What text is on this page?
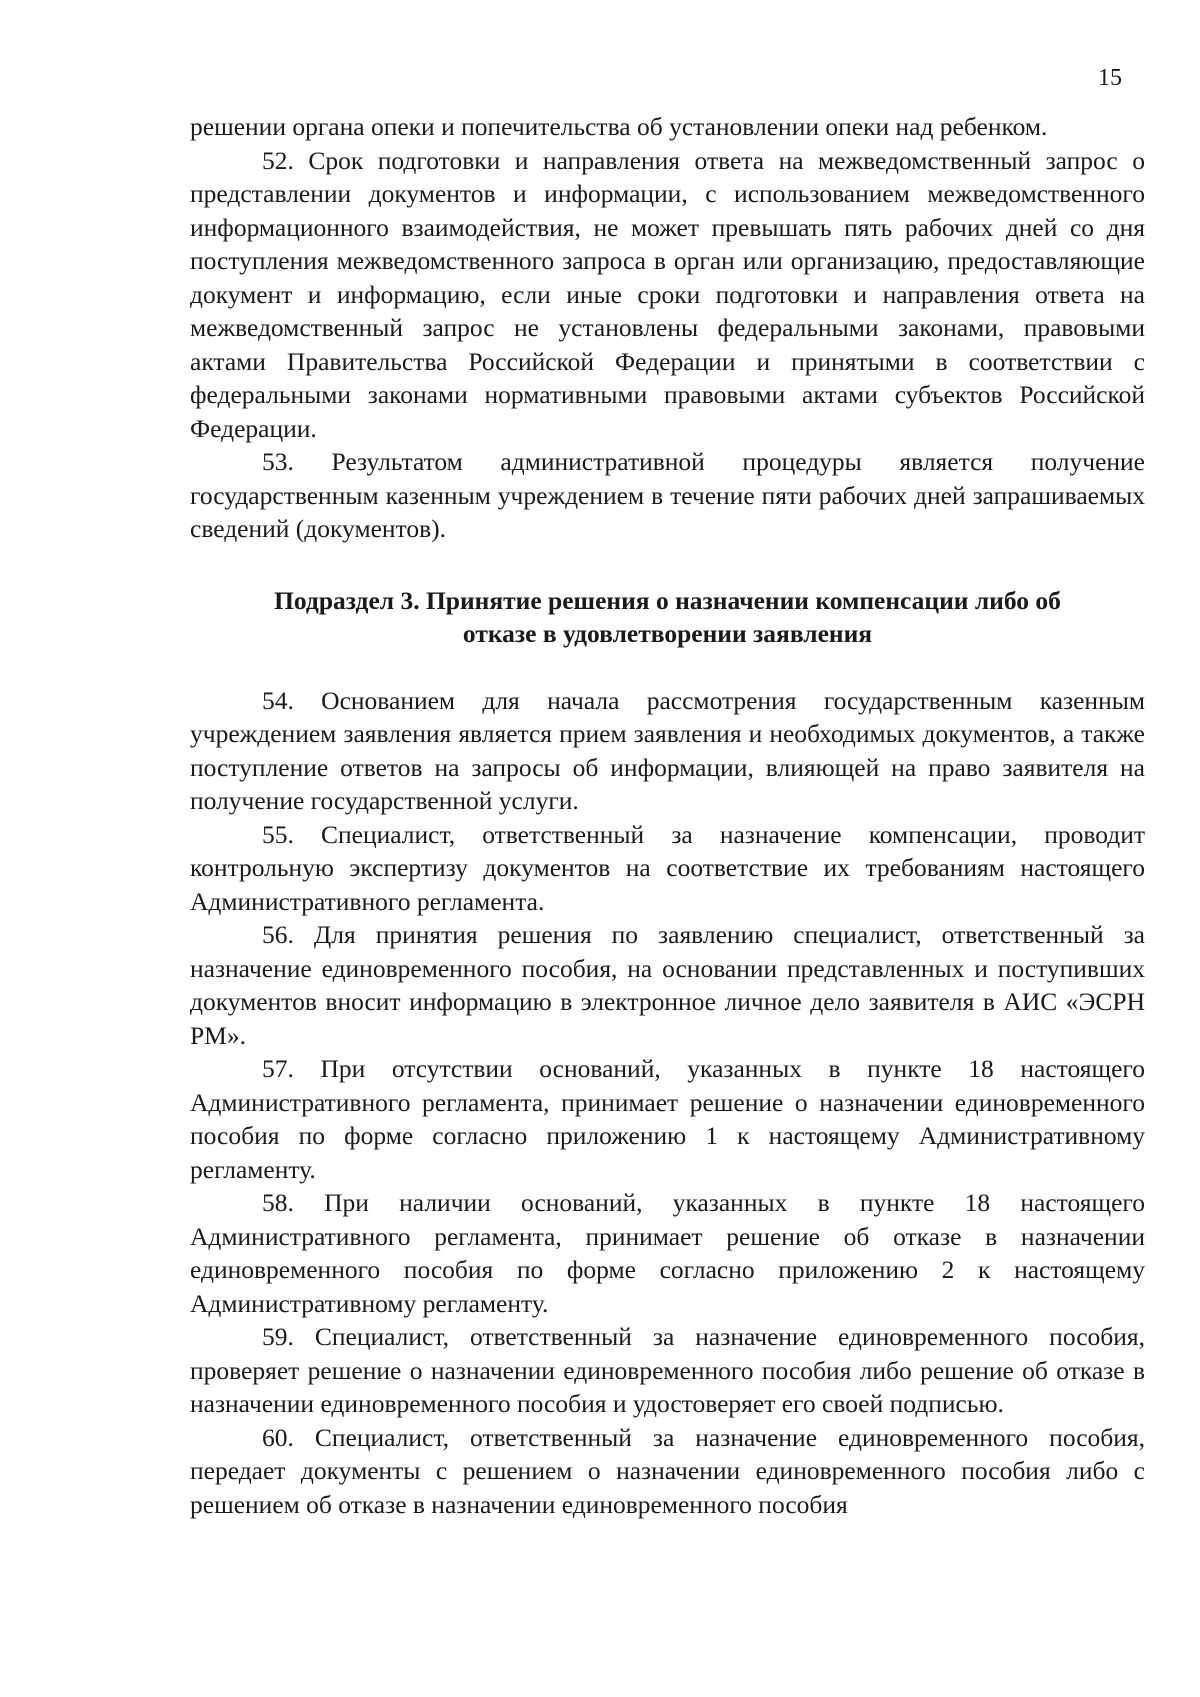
15

решении органа опеки и попечительства об установлении опеки над ребенком.

52. Срок подготовки и направления ответа на межведомственный запрос о представлении документов и информации, с использованием межведомственного информационного взаимодействия, не может превышать пять рабочих дней со дня поступления межведомственного запроса в орган или организацию, предоставляющие документ и информацию, если иные сроки подготовки и направления ответа на межведомственный запрос не установлены федеральными законами, правовыми актами Правительства Российской Федерации и принятыми в соответствии с федеральными законами нормативными правовыми актами субъектов Российской Федерации.

53. Результатом административной процедуры является получение государственным казенным учреждением в течение пяти рабочих дней запрашиваемых сведений (документов).

Подраздел 3. Принятие решения о назначении компенсации либо об
отказе в удовлетворении заявления

54. Основанием для начала рассмотрения государственным казенным учреждением заявления является прием заявления и необходимых документов, а также поступление ответов на запросы об информации, влияющей на право заявителя на получение государственной услуги.

55. Специалист, ответственный за назначение компенсации, проводит контрольную экспертизу документов на соответствие их требованиям настоящего Административного регламента.

56. Для принятия решения по заявлению специалист, ответственный за назначение единовременного пособия, на основании представленных и поступивших документов вносит информацию в электронное личное дело заявителя в АИС «ЭСРН РМ».

57. При отсутствии оснований, указанных в пункте 18 настоящего Административного регламента, принимает решение о назначении единовременного пособия по форме согласно приложению 1 к настоящему Административному регламенту.

58. При наличии оснований, указанных в пункте 18 настоящего Административного регламента, принимает решение об отказе в назначении единовременного пособия по форме согласно приложению 2 к настоящему Административному регламенту.

59. Специалист, ответственный за назначение единовременного пособия, проверяет решение о назначении единовременного пособия либо решение об отказе в назначении единовременного пособия и удостоверяет его своей подписью.

60. Специалист, ответственный за назначение единовременного пособия, передает документы с решением о назначении единовременного пособия либо с решением об отказе в назначении единовременного пособия
